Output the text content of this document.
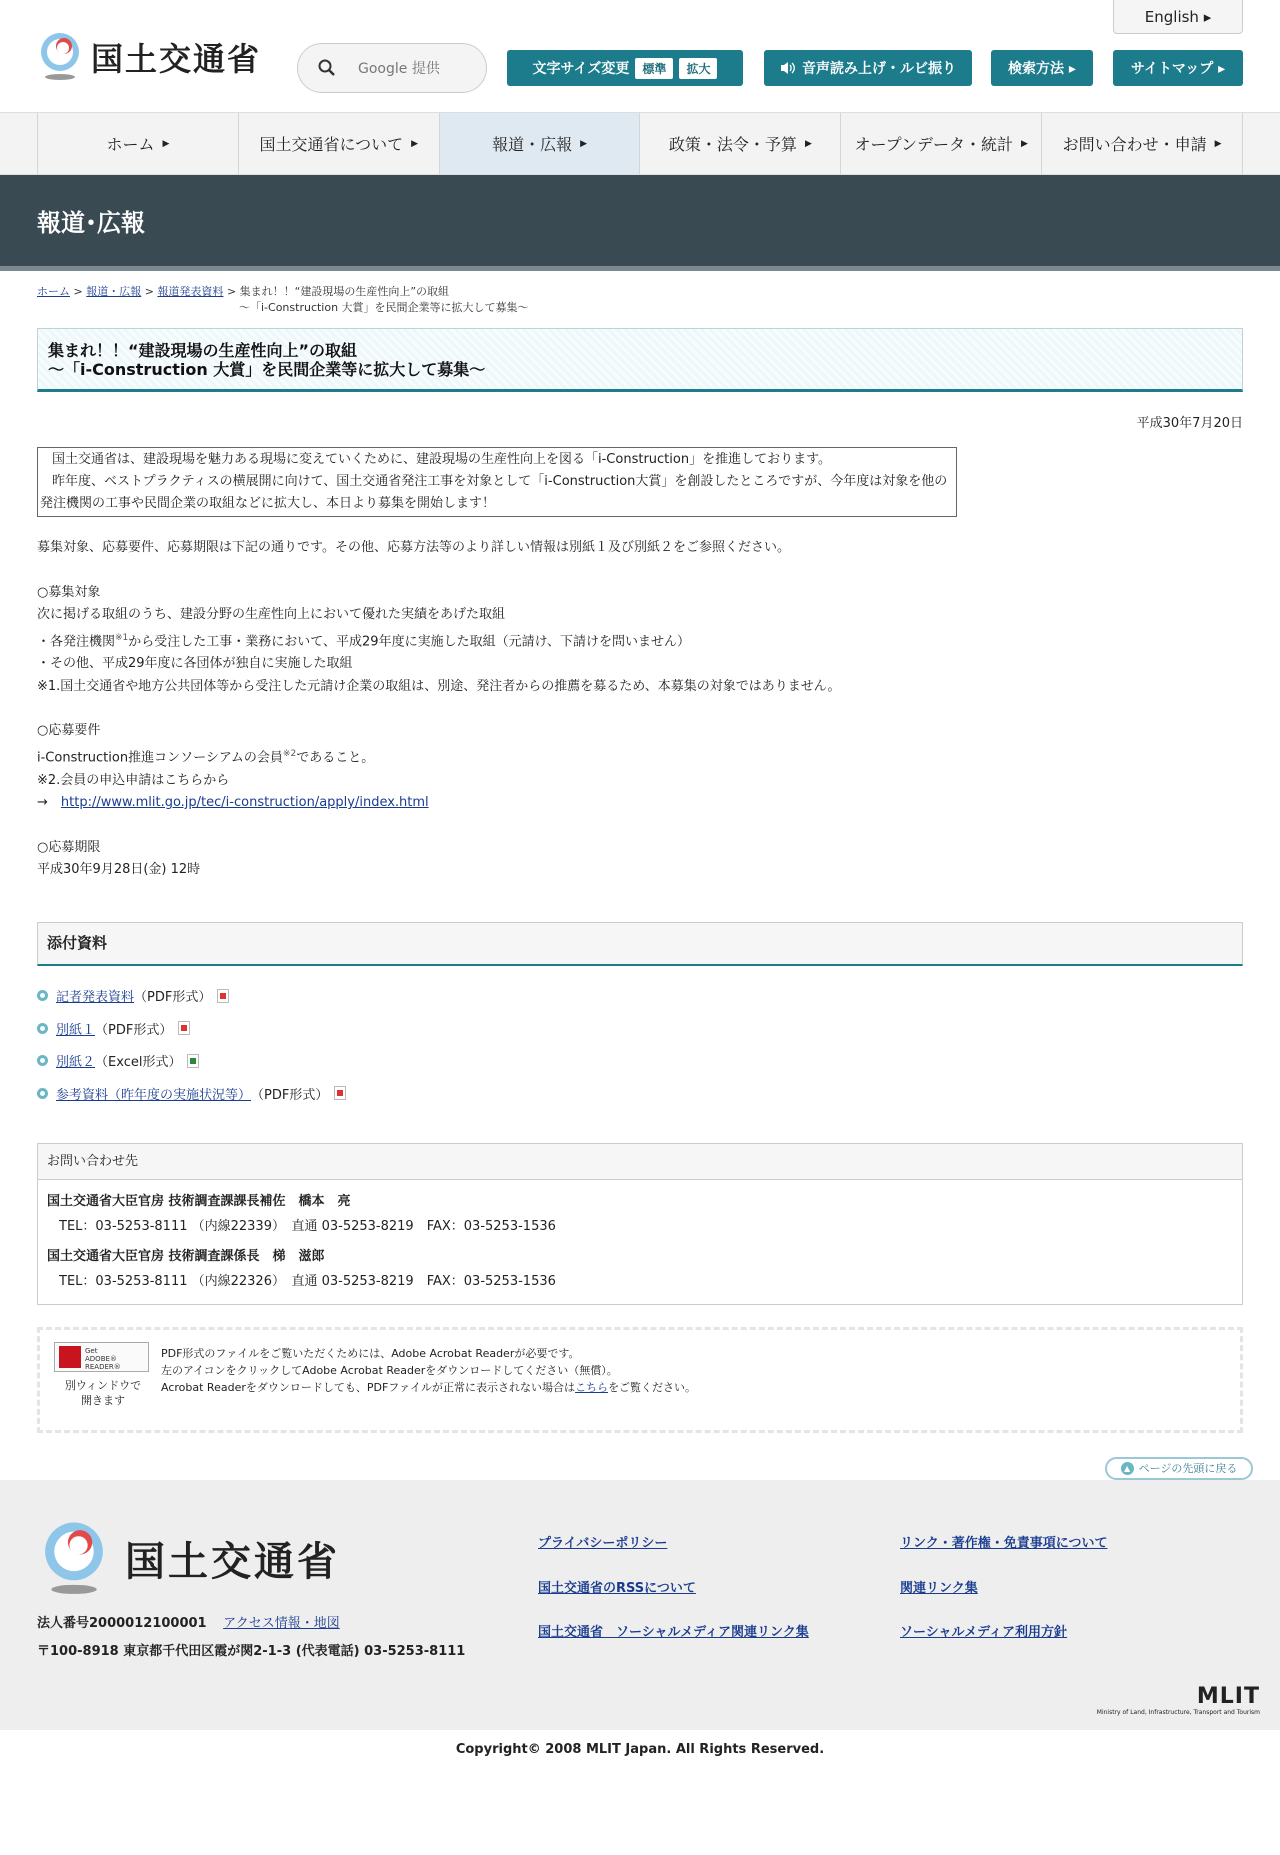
国土交通省
English ▸
Google 提供	文字サイズ変更	標準	拡大	音声読み上げ・ルビ振り	検索方法 ▸	サイトマップ ▸
ホーム ▶	国土交通省について ▶	報道・広報 ▶	政策・法令・予算 ▶	オープンデータ・統計 ▶ お問い合わせ・申請 ▶
報道･広報
ホーム > 報道・広報 > 報道発表資料 > 集まれ！！“建設現場の生産性向上”の取組
～「i-Construction 大賞」を民間企業等に拡大して募集～
集まれ！！“建設現場の生産性向上”の取組
～「i-Construction 大賞」を民間企業等に拡大して募集～
平成30年7月20日

国土交通省は、建設現場を魅力ある現場に変えていくために、建設現場の生産性向上を図る「i-Construction」を推進しております。

昨年度、ベストプラクティスの横展開に向けて、国土交通省発注工事を対象として「i-Construction大賞」を創設したところですが、今年度は対象を他の発注機関の工事や民間企業の取組などに拡大し、本日より募集を開始します！

募集対象、応募要件、応募期限は下記の通りです。その他、応募方法等のより詳しい情報は別紙１及び別紙２をご参照ください。
○募集対象
次に掲げる取組のうち、建設分野の生産性向上において優れた実績をあげた取組
・各発注機関$^{※1}$から受注した工事・業務において、平成29年度に実施した取組（元請け、下請けを問いません）
・その他、平成29年度に各団体が独自に実施した取組
※1.国土交通省や地方公共団体等から受注した元請け企業の取組は、別途、発注者からの推薦を募るため、本募集の対象ではありません。
○応募要件
i-Construction推進コンソーシアムの会員$^{※2}$であること。
※2.会員の申込申請はこちらから
→　 http://www.mlit.go.jp/tec/i-construction/apply/index.html
○応募期限
平成30年9月28日(金) 12時
添付資料
記者発表資料 （PDF形式）
別紙１ （PDF形式）
別紙２ （Excel形式）
参考資料（昨年度の実施状況等） （PDF形式）
お問い合わせ先
国土交通省大臣官房 技術調査課課長補佐　橋本　亮
TEL：03-5253-8111 （内線22339）　直通 03-5253-8219　FAX：03-5253-1536
国土交通省大臣官房 技術調査課係長　梯　滋郎
TEL：03-5253-8111 （内線22326）　直通 03-5253-8219　FAX：03-5253-1536
Get
ADOBE® READER®
別ウィンドウで
開きます
PDF形式のファイルをご覧いただくためには、Adobe Acrobat Readerが必要です。
左のアイコンをクリックしてAdobe Acrobat Readerをダウンロードしてください（無償）。
Acrobat Readerをダウンロードしても、PDFファイルが正常に表示されない場合はこちらをご覧ください。
▲ ページの先頭に戻る
国土交通省
法人番号2000012100001 アクセス情報・地図
〒100-8918 東京都千代田区霞が関2-1-3 (代表電話) 03-5253-8111
プライバシーポリシー	リンク・著作権・免責事項について
国土交通省のRSSについて	関連リンク集
国土交通省　ソーシャルメディア関連リンク集	ソーシャルメディア利用方針
MLIT
Ministry of Land, Infrastructure, Transport and Tourism
Copyright© 2008 MLIT Japan. All Rights Reserved.
